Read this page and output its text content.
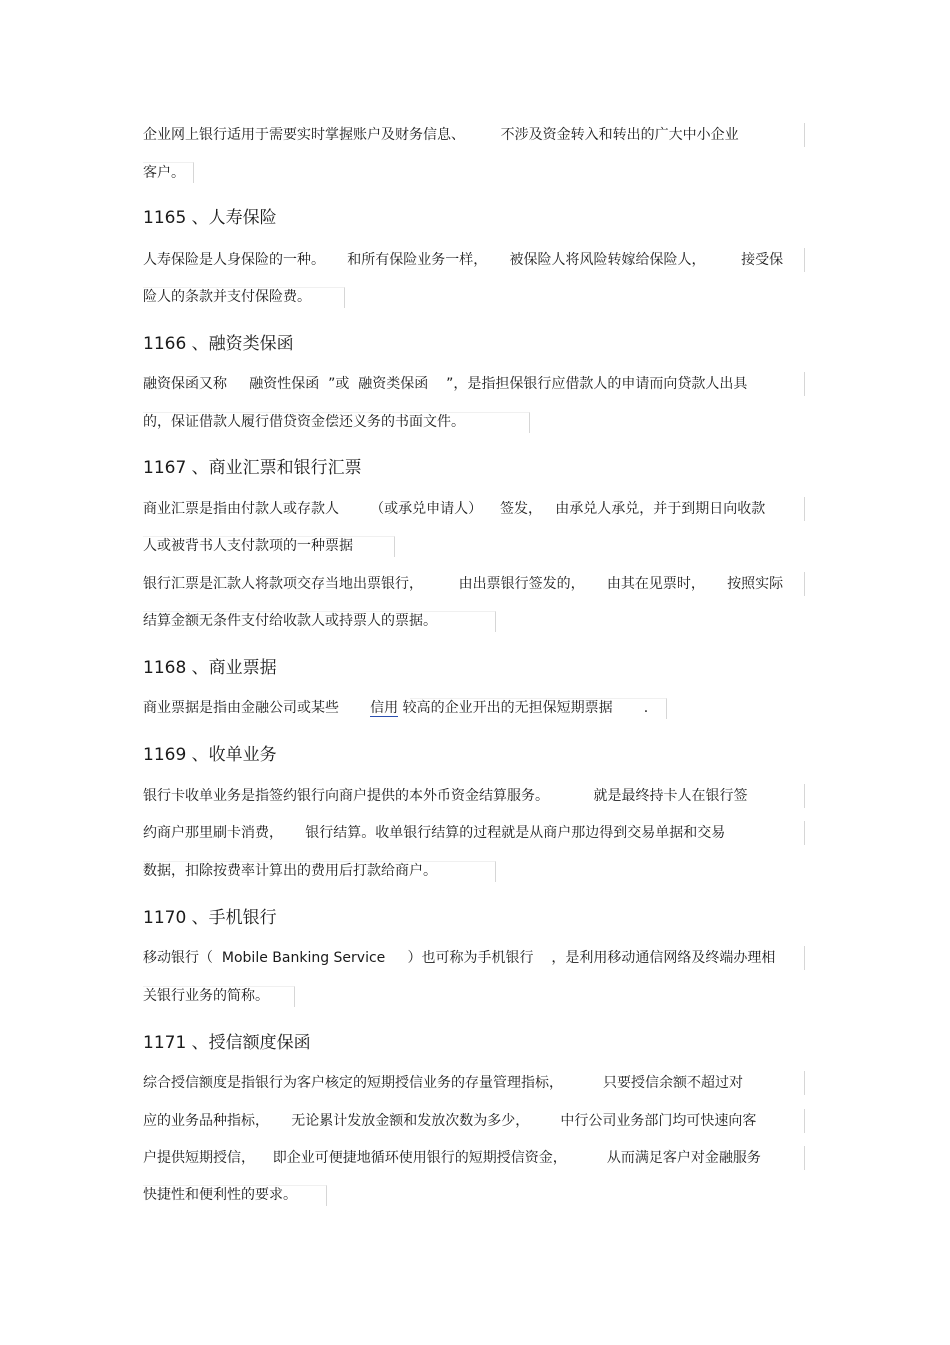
企业网上银行适用于需要实时掌握账户及财务信息、        不涉及资金转入和转出的广大中小企业
客户。
1165 、人寿保险
人寿保险是人身保险的一种。     和所有保险业务一样，     被保险人将风险转嫁给保险人，        接受保
险人的条款并支付保险费。
1166 、融资类保函
融资保函又称     融资性保函  ”或  融资类保函    ”，是指担保银行应借款人的申请而向贷款人出具
的，保证借款人履行借贷资金偿还义务的书面文件。
1167 、商业汇票和银行汇票
商业汇票是指由付款人或存款人       （或承兑申请人）    签发，   由承兑人承兑，并于到期日向收款
人或被背书人支付款项的一种票据
银行汇票是汇款人将款项交存当地出票银行，        由出票银行签发的，     由其在见票时，     按照实际
结算金额无条件支付给收款人或持票人的票据。
1168 、商业票据
商业票据是指由金融公司或某些       信用 较高的企业开出的无担保短期票据       .
1169 、收单业务
银行卡收单业务是指签约银行向商户提供的本外币资金结算服务。          就是最终持卡人在银行签
约商户那里刷卡消费，     银行结算。收单银行结算的过程就是从商户那边得到交易单据和交易
数据，扣除按费率计算出的费用后打款给商户。
1170 、手机银行
移动银行（  Mobile Banking Service     ）也可称为手机银行    ，是利用移动通信网络及终端办理相
关银行业务的简称。
1171 、授信额度保函
综合授信额度是指银行为客户核定的短期授信业务的存量管理指标，         只要授信余额不超过对
应的业务品种指标，     无论累计发放金额和发放次数为多少，       中行公司业务部门均可快速向客
户提供短期授信，    即企业可便捷地循环使用银行的短期授信资金，         从而满足客户对金融服务
快捷性和便利性的要求。
